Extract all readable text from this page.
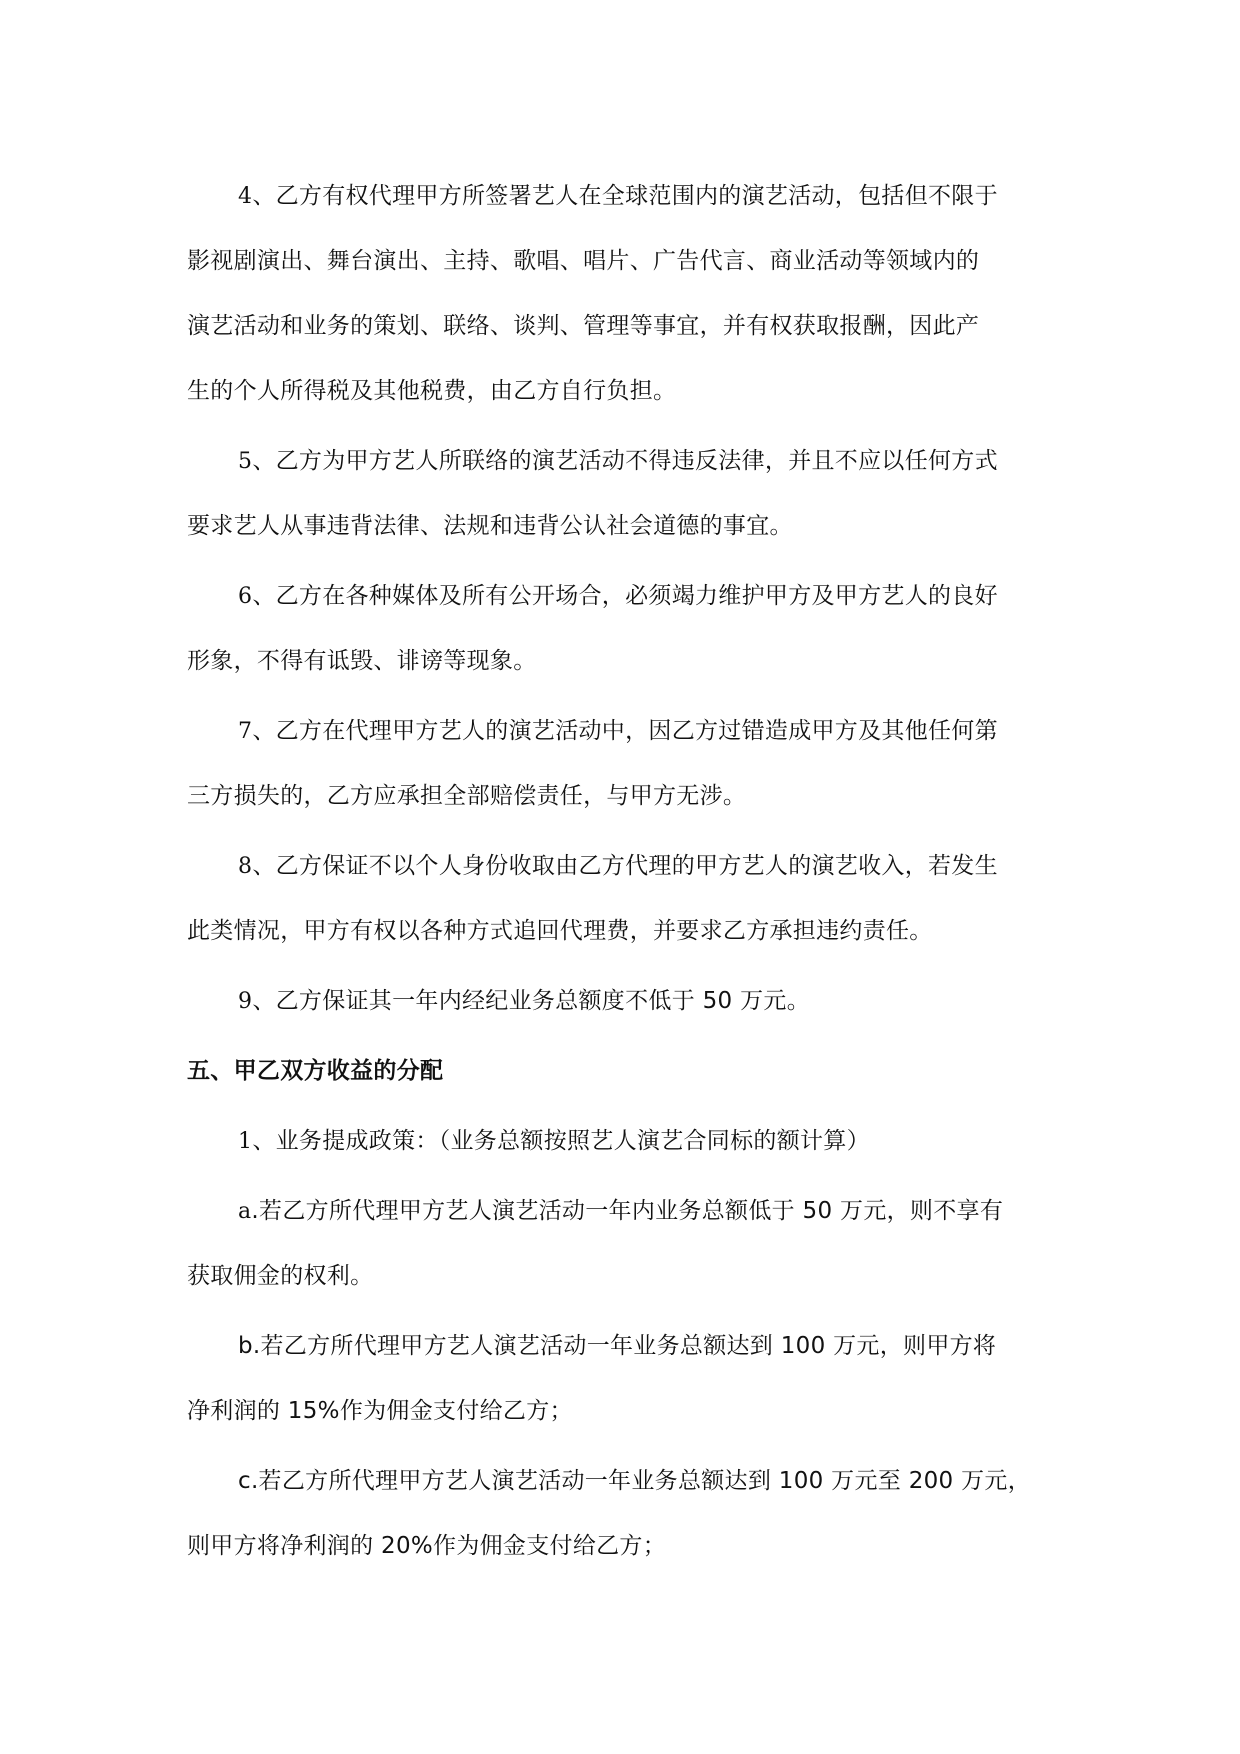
4、乙方有权代理甲方所签署艺人在全球范围内的演艺活动，包括但不限于

影视剧演出、舞台演出、主持、歌唱、唱片、广告代言、商业活动等领域内的

演艺活动和业务的策划、联络、谈判、管理等事宜，并有权获取报酬，因此产

生的个人所得税及其他税费，由乙方自行负担。

5、乙方为甲方艺人所联络的演艺活动不得违反法律，并且不应以任何方式

要求艺人从事违背法律、法规和违背公认社会道德的事宜。

6、乙方在各种媒体及所有公开场合，必须竭力维护甲方及甲方艺人的良好

形象，不得有诋毁、诽谤等现象。

7、乙方在代理甲方艺人的演艺活动中，因乙方过错造成甲方及其他任何第

三方损失的，乙方应承担全部赔偿责任，与甲方无涉。

8、乙方保证不以个人身份收取由乙方代理的甲方艺人的演艺收入，若发生

此类情况，甲方有权以各种方式追回代理费，并要求乙方承担违约责任。

9、乙方保证其一年内经纪业务总额度不低于 50 万元。

五、甲乙双方收益的分配

1、业务提成政策：（业务总额按照艺人演艺合同标的额计算）

a.若乙方所代理甲方艺人演艺活动一年内业务总额低于 50 万元，则不享有

获取佣金的权利。

b.若乙方所代理甲方艺人演艺活动一年业务总额达到 100 万元，则甲方将

净利润的 15%作为佣金支付给乙方；

c.若乙方所代理甲方艺人演艺活动一年业务总额达到 100 万元至 200 万元，

则甲方将净利润的 20%作为佣金支付给乙方；
